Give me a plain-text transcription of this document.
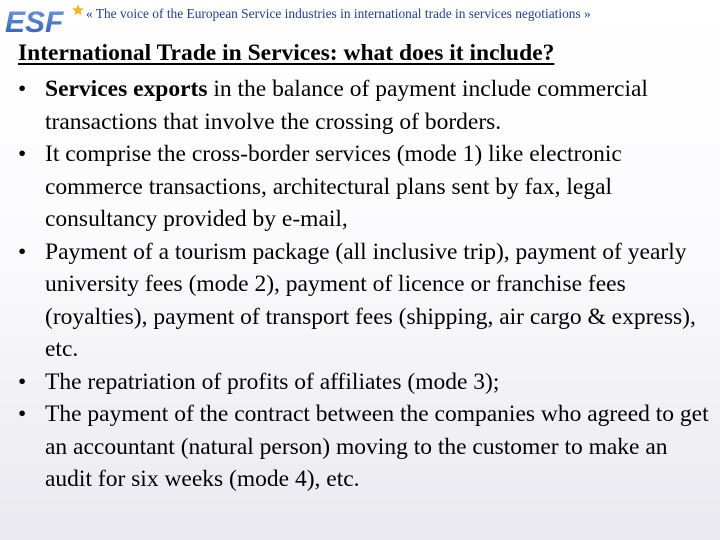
ESF « The voice of the European Service industries in international trade in services negotiations »
International Trade in Services: what does it include?
• Services exports in the balance of payment include commercial transactions that involve the crossing of borders.
• It comprise the cross-border services (mode 1) like electronic commerce transactions, architectural plans sent by fax, legal consultancy provided by e-mail,
• Payment of a tourism package (all inclusive trip), payment of yearly university fees (mode 2), payment of licence or franchise fees (royalties), payment of transport fees (shipping, air cargo & express), etc.
• The repatriation of profits of affiliates (mode 3);
• The payment of the contract between the companies who agreed to get an accountant (natural person) moving to the customer to make an audit for six weeks (mode 4), etc.
